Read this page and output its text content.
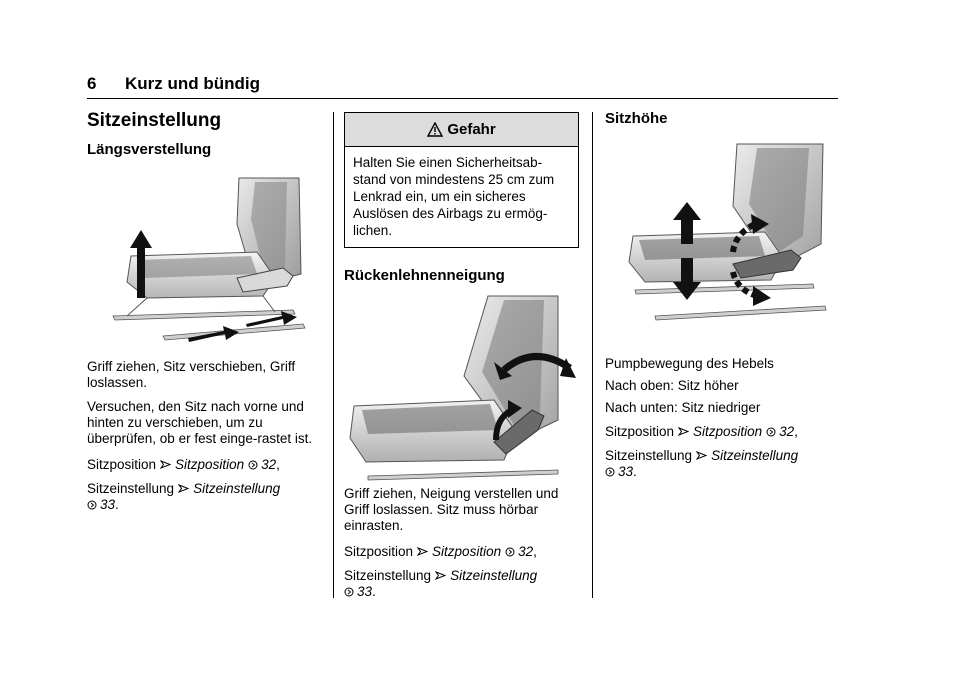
6 Kurz und bündig
Sitzeinstellung
Längsverstellung

Griff ziehen, Sitz verschieben, Griff loslassen.

Versuchen, den Sitz nach vorne und hinten zu verschieben, um zu überprüfen, ob er fest einge-rastet ist.

Sitzposition Sitzposition 32,

Sitzeinstellung Sitzeinstellung
33.

Gefahr
Halten Sie einen Sicherheitsab-stand von mindestens 25 cm zum Lenkrad ein, um ein sicheres Auslösen des Airbags zu ermög-lichen.
Rückenlehnenneigung

Griff ziehen, Neigung verstellen und Griff loslassen. Sitz muss hörbar einrasten.

Sitzposition Sitzposition 32,

Sitzeinstellung Sitzeinstellung
33.

Sitzhöhe

Pumpbewegung des Hebels

Nach oben: Sitz höher

Nach unten: Sitz niedriger

Sitzposition Sitzposition 32,

Sitzeinstellung Sitzeinstellung
33.
